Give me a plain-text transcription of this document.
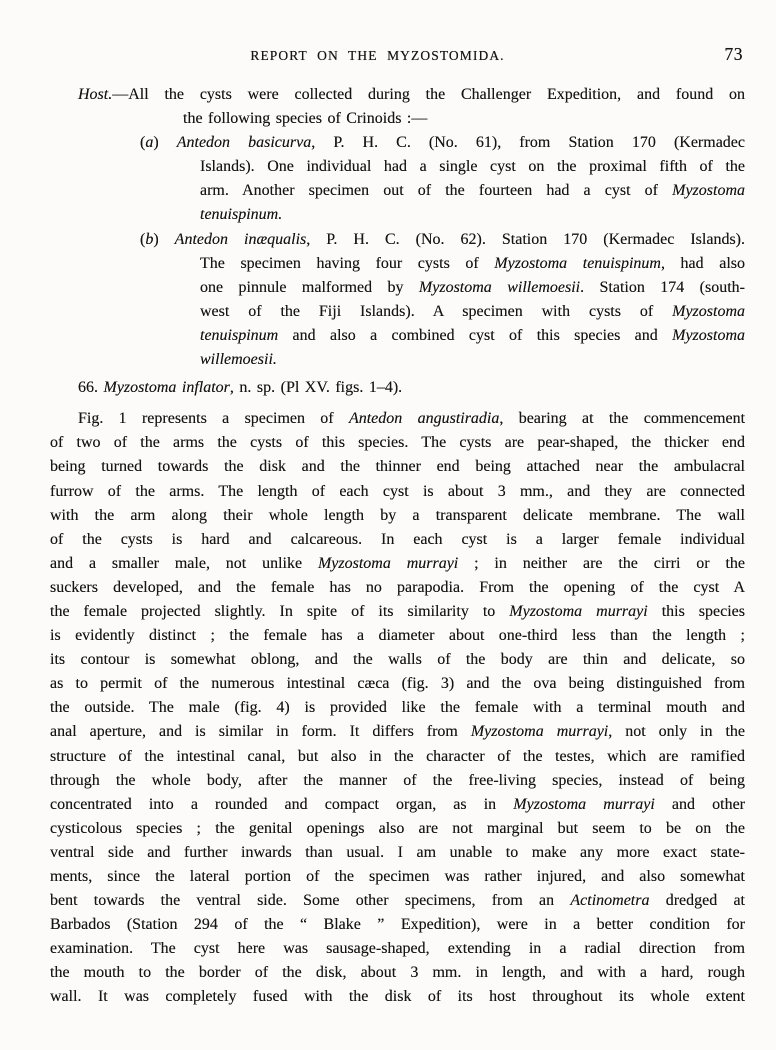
REPORT ON THE MYZOSTOMIDA.	73
Host.—All the cysts were collected during the Challenger Expedition, and found on
the following species of Crinoids :—
(a) Antedon basicurva, P. H. C. (No. 61), from Station 170 (Kermadec
Islands). One individual had a single cyst on the proximal fifth of the
arm. Another specimen out of the fourteen had a cyst of Myzostoma
tenuispinum.
(b) Antedon inæqualis, P. H. C. (No. 62). Station 170 (Kermadec Islands).
The specimen having four cysts of Myzostoma tenuispinum, had also
one pinnule malformed by Myzostoma willemoesii. Station 174 (south-
west of the Fiji Islands). A specimen with cysts of Myzostoma
tenuispinum and also a combined cyst of this species and Myzostoma
willemoesii.
66. Myzostoma inflator, n. sp. (Pl XV. figs. 1–4).
Fig. 1 represents a specimen of Antedon angustiradia, bearing at the commencement
of two of the arms the cysts of this species. The cysts are pear-shaped, the thicker end
being turned towards the disk and the thinner end being attached near the ambulacral
furrow of the arms. The length of each cyst is about 3 mm., and they are connected
with the arm along their whole length by a transparent delicate membrane. The wall
of the cysts is hard and calcareous. In each cyst is a larger female individual
and a smaller male, not unlike Myzostoma murrayi ; in neither are the cirri or the
suckers developed, and the female has no parapodia. From the opening of the cyst A
the female projected slightly. In spite of its similarity to Myzostoma murrayi this species
is evidently distinct ; the female has a diameter about one-third less than the length ;
its contour is somewhat oblong, and the walls of the body are thin and delicate, so
as to permit of the numerous intestinal cæca (fig. 3) and the ova being distinguished from
the outside. The male (fig. 4) is provided like the female with a terminal mouth and
anal aperture, and is similar in form. It differs from Myzostoma murrayi, not only in the
structure of the intestinal canal, but also in the character of the testes, which are ramified
through the whole body, after the manner of the free-living species, instead of being
concentrated into a rounded and compact organ, as in Myzostoma murrayi and other
cysticolous species ; the genital openings also are not marginal but seem to be on the
ventral side and further inwards than usual. I am unable to make any more exact state-
ments, since the lateral portion of the specimen was rather injured, and also somewhat
bent towards the ventral side. Some other specimens, from an Actinometra dredged at
Barbados (Station 294 of the “ Blake ” Expedition), were in a better condition for
examination. The cyst here was sausage-shaped, extending in a radial direction from
the mouth to the border of the disk, about 3 mm. in length, and with a hard, rough
wall. It was completely fused with the disk of its host throughout its whole extent
